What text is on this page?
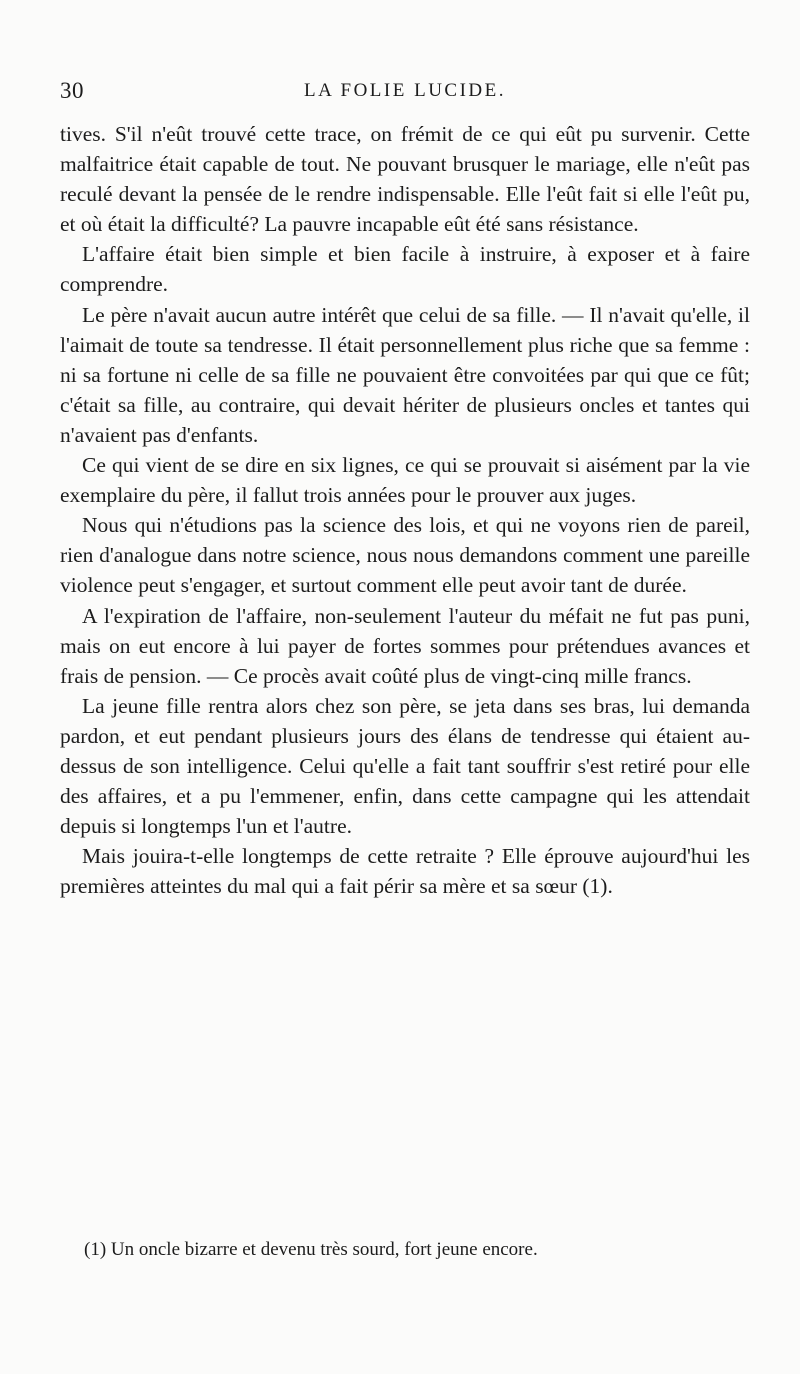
30	LA FOLIE LUCIDE.

tives. S'il n'eût trouvé cette trace, on frémit de ce qui eût pu survenir. Cette malfaitrice était capable de tout. Ne pouvant brusquer le mariage, elle n'eût pas reculé devant la pensée de le rendre indispensable. Elle l'eût fait si elle l'eût pu, et où était la difficulté? La pauvre incapable eût été sans résistance.

L'affaire était bien simple et bien facile à instruire, à exposer et à faire comprendre.

Le père n'avait aucun autre intérêt que celui de sa fille. — Il n'avait qu'elle, il l'aimait de toute sa tendresse. Il était personnellement plus riche que sa femme : ni sa fortune ni celle de sa fille ne pouvaient être convoitées par qui que ce fût; c'était sa fille, au contraire, qui devait hériter de plusieurs oncles et tantes qui n'avaient pas d'enfants.

Ce qui vient de se dire en six lignes, ce qui se prouvait si aisément par la vie exemplaire du père, il fallut trois années pour le prouver aux juges.

Nous qui n'étudions pas la science des lois, et qui ne voyons rien de pareil, rien d'analogue dans notre science, nous nous demandons comment une pareille violence peut s'engager, et surtout comment elle peut avoir tant de durée.

A l'expiration de l'affaire, non-seulement l'auteur du méfait ne fut pas puni, mais on eut encore à lui payer de fortes sommes pour prétendues avances et frais de pension. — Ce procès avait coûté plus de vingt-cinq mille francs.

La jeune fille rentra alors chez son père, se jeta dans ses bras, lui demanda pardon, et eut pendant plusieurs jours des élans de tendresse qui étaient au-dessus de son intelligence. Celui qu'elle a fait tant souffrir s'est retiré pour elle des affaires, et a pu l'emmener, enfin, dans cette campagne qui les attendait depuis si longtemps l'un et l'autre.

Mais jouira-t-elle longtemps de cette retraite ? Elle éprouve aujourd'hui les premières atteintes du mal qui a fait périr sa mère et sa sœur (1).

(1) Un oncle bizarre et devenu très sourd, fort jeune encore.
